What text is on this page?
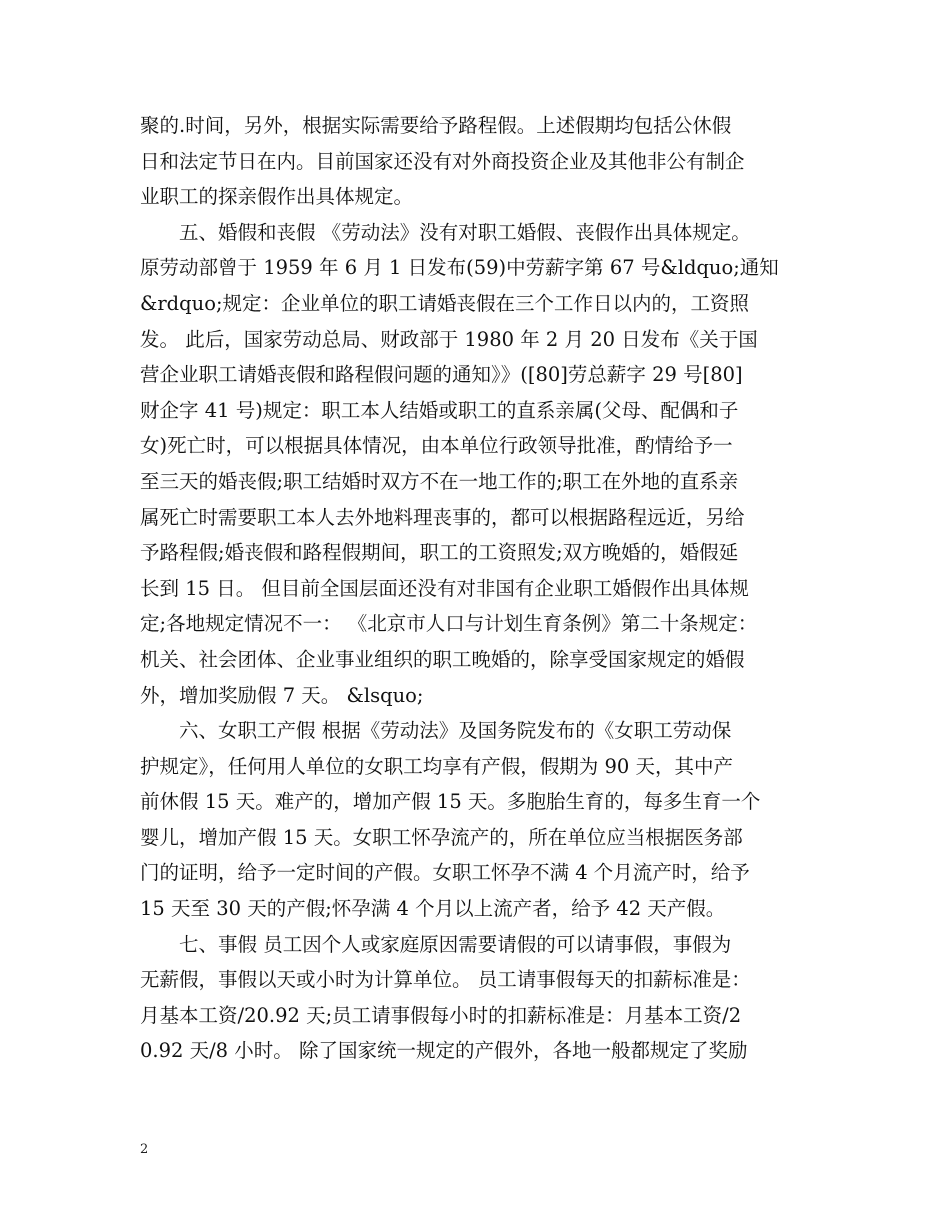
聚的.时间，另外，根据实际需要给予路程假。上述假期均包括公休假
日和法定节日在内。目前国家还没有对外商投资企业及其他非公有制企
业职工的探亲假作出具体规定。
　　五、婚假和丧假 《劳动法》没有对职工婚假、丧假作出具体规定。
原劳动部曾于 1959 年 6 月 1 日发布(59)中劳薪字第 67 号&ldquo;通知
&rdquo;规定：企业单位的职工请婚丧假在三个工作日以内的，工资照
发。 此后，国家劳动总局、财政部于 1980 年 2 月 20 日发布《关于国
营企业职工请婚丧假和路程假问题的通知》》([80]劳总薪字 29 号[80]
财企字 41 号)规定：职工本人结婚或职工的直系亲属(父母、配偶和子
女)死亡时，可以根据具体情况，由本单位行政领导批准，酌情给予一
至三天的婚丧假;职工结婚时双方不在一地工作的;职工在外地的直系亲
属死亡时需要职工本人去外地料理丧事的，都可以根据路程远近，另给
予路程假;婚丧假和路程假期间，职工的工资照发;双方晚婚的，婚假延
长到 15 日。 但目前全国层面还没有对非国有企业职工婚假作出具体规
定;各地规定情况不一： 《北京市人口与计划生育条例》第二十条规定：
机关、社会团体、企业事业组织的职工晚婚的，除享受国家规定的婚假
外，增加奖励假 7 天。 &lsquo;
　　六、女职工产假 根据《劳动法》及国务院发布的《女职工劳动保
护规定》，任何用人单位的女职工均享有产假，假期为 90 天，其中产
前休假 15 天。难产的，增加产假 15 天。多胞胎生育的，每多生育一个
婴儿，增加产假 15 天。女职工怀孕流产的，所在单位应当根据医务部
门的证明，给予一定时间的产假。女职工怀孕不满 4 个月流产时，给予
15 天至 30 天的产假;怀孕满 4 个月以上流产者，给予 42 天产假。
　　七、事假 员工因个人或家庭原因需要请假的可以请事假，事假为
无薪假，事假以天或小时为计算单位。 员工请事假每天的扣薪标准是：
月基本工资/20.92 天;员工请事假每小时的扣薪标准是：月基本工资/2
0.92 天/8 小时。 除了国家统一规定的产假外，各地一般都规定了奖励
2
